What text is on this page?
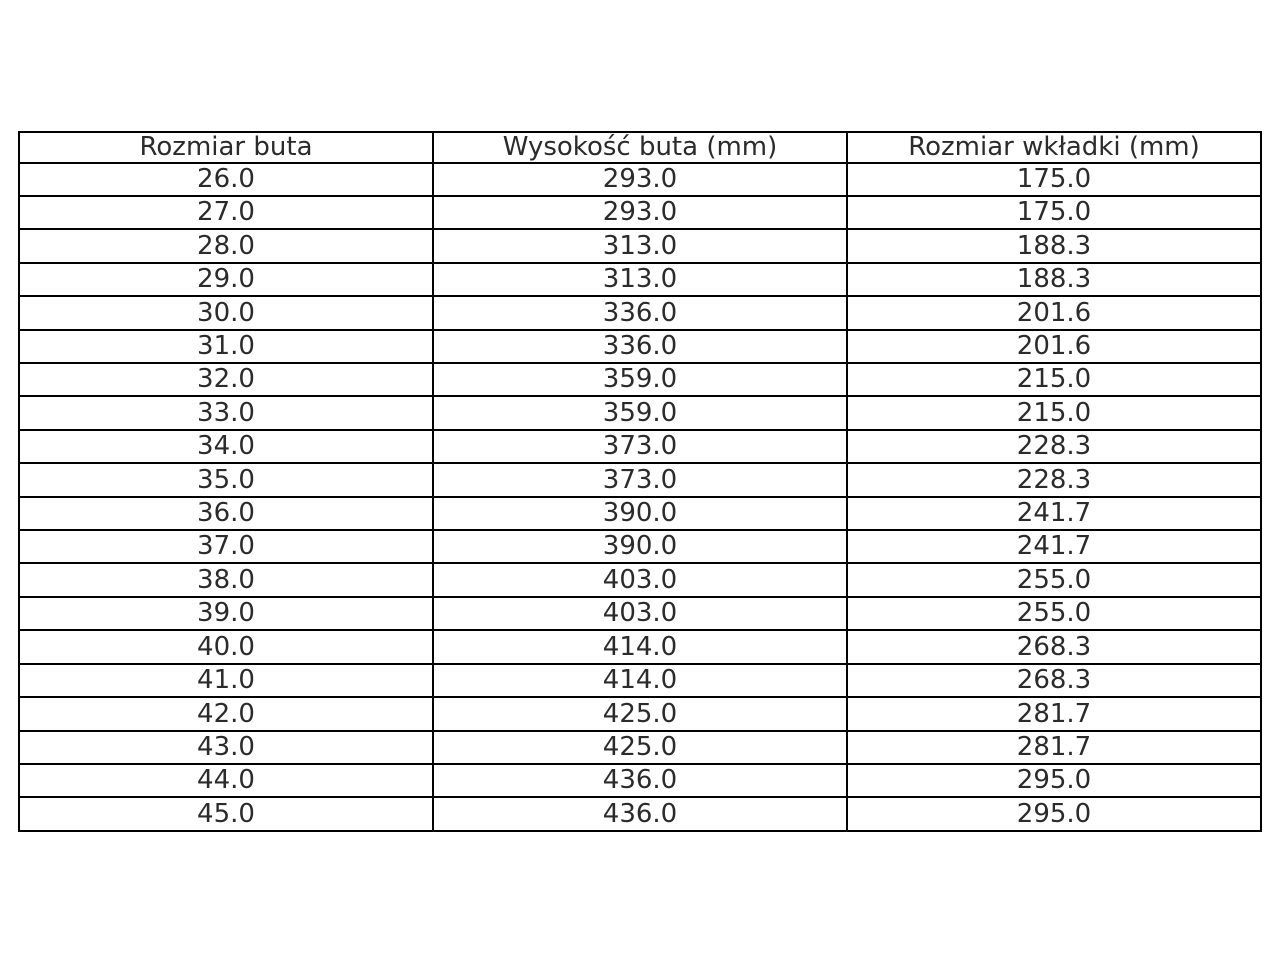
Rozmiar buta	Wysokość buta (mm)	Rozmiar wkładki (mm)
26.0	293.0	175.0
27.0	293.0	175.0
28.0	313.0	188.3
29.0	313.0	188.3
30.0	336.0	201.6
31.0	336.0	201.6
32.0	359.0	215.0
33.0	359.0	215.0
34.0	373.0	228.3
35.0	373.0	228.3
36.0	390.0	241.7
37.0	390.0	241.7
38.0	403.0	255.0
39.0	403.0	255.0
40.0	414.0	268.3
41.0	414.0	268.3
42.0	425.0	281.7
43.0	425.0	281.7
44.0	436.0	295.0
45.0	436.0	295.0
